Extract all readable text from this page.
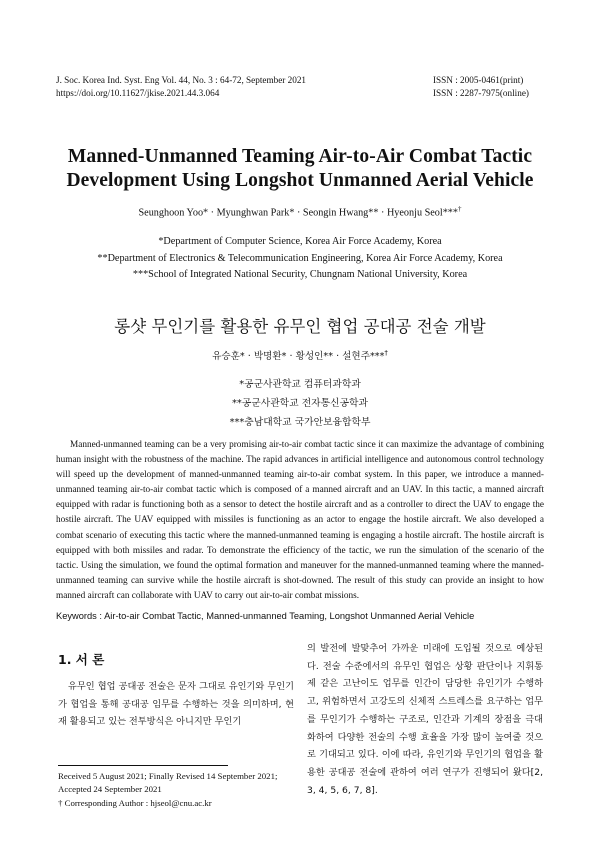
J. Soc. Korea Ind. Syst. Eng Vol. 44, No. 3 : 64-72, September 2021
https://doi.org/10.11627/jkise.2021.44.3.064
ISSN : 2005-0461(print)
ISSN : 2287-7975(online)
Manned-Unmanned Teaming Air-to-Air Combat Tactic
Development Using Longshot Unmanned Aerial Vehicle
Seunghoon Yoo* · Myunghwan Park* · Seongin Hwang** · Hyeonju Seol***†
*Department of Computer Science, Korea Air Force Academy, Korea
**Department of Electronics & Telecommunication Engineering, Korea Air Force Academy, Korea
***School of Integrated National Security, Chungnam National University, Korea
롱샷 무인기를 활용한 유무인 협업 공대공 전술 개발
유승훈* · 박명환* · 황성인** · 설현주***†
*공군사관학교 컴퓨터과학과
**공군사관학교 전자통신공학과
***충남대학교 국가안보융합학부

Manned-unmanned teaming can be a very promising air-to-air combat tactic since it can maximize the advantage of combining human insight with the robustness of the machine. The rapid advances in artificial intelligence and autonomous control technology will speed up the development of manned-unmanned teaming air-to-air combat system. In this paper, we introduce a manned-unmanned teaming air-to-air combat tactic which is composed of a manned aircraft and an UAV. In this tactic, a manned aircraft equipped with radar is functioning both as a sensor to detect the hostile aircraft and as a controller to direct the UAV to engage the hostile aircraft. The UAV equipped with missiles is functioning as an actor to engage the hostile aircraft. We also developed a combat scenario of executing this tactic where the manned-unmanned teaming is engaging a hostile aircraft. The hostile aircraft is equipped with both missiles and radar. To demonstrate the efficiency of the tactic, we run the simulation of the scenario of the tactic. Using the simulation, we found the optimal formation and maneuver for the manned-unmanned teaming where the manned-unmanned teaming can survive while the hostile aircraft is shot-downed. The result of this study can provide an insight to how manned aircraft can collaborate with UAV to carry out air-to-air combat missions.

Keywords : Air-to-air Combat Tactic, Manned-unmanned Teaming, Longshot Unmanned Aerial Vehicle
1. 서 론

유무인 협업 공대공 전술은 문자 그대로 유인기와 무인기가 협업을 통해 공대공 임무를 수행하는 것을 의미하며, 현재 활용되고 있는 전투방식은 아니지만 무인기

Received 5 August 2021; Finally Revised 14 September 2021;
Accepted 24 September 2021
† Corresponding Author : hjseol@cnu.ac.kr

의 발전에 발맞추어 가까운 미래에 도입될 것으로 예상된다. 전술 수준에서의 유무인 협업은 상황 판단이나 지휘통제 같은 고난이도 업무를 인간이 담당한 유인기가 수행하고, 위험하면서 고강도의 신체적 스트레스를 요구하는 업무를 무인기가 수행하는 구조로, 인간과 기계의 장점을 극대화하여 다양한 전술의 수행 효율을 가장 많이 높여줄 것으로 기대되고 있다. 이에 따라, 유인기와 무인기의 협업을 활용한 공대공 전술에 관하여 여러 연구가 진행되어 왔다[2, 3, 4, 5, 6, 7, 8].
